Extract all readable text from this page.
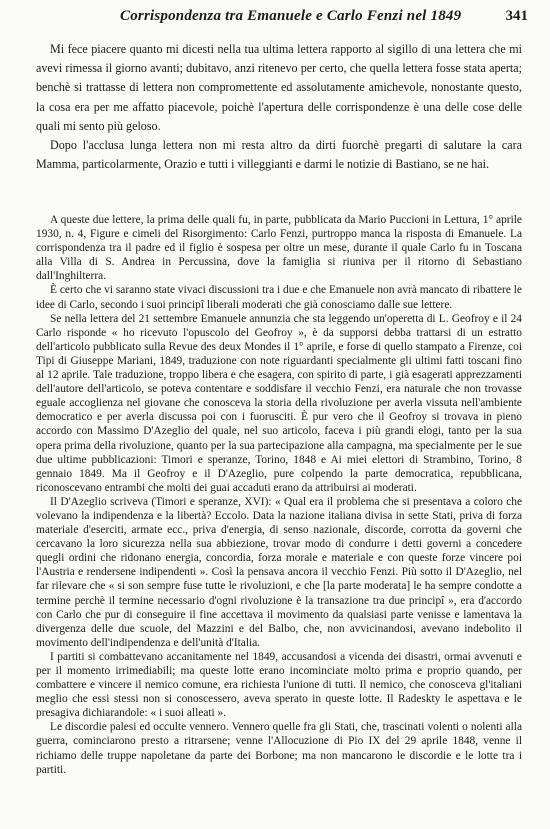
Corrispondenza tra Emanuele e Carlo Fenzi nel 1849	341

Mi fece piacere quanto mi dicesti nella tua ultima lettera rapporto al sigillo di una lettera che mi avevi rimessa il giorno avanti; dubitavo, anzi ritenevo per certo, che quella lettera fosse stata aperta; benchè si trattasse di lettera non compromettente ed assolutamente amichevole, nonostante questo, la cosa era per me affatto piacevole, poichè l'apertura delle corrispondenze è una delle cose delle quali mi sento più geloso.

Dopo l'acclusa lunga lettera non mi resta altro da dirti fuorchè pregarti di salutare la cara Mamma, particolarmente, Orazio e tutti i villeggianti e darmi le notizie di Bastiano, se ne hai.

A queste due lettere, la prima delle quali fu, in parte, pubblicata da Mario Puccioni in Lettura, 1° aprile 1930, n. 4, Figure e cimeli del Risorgimento: Carlo Fenzi, purtroppo manca la risposta di Emanuele. La corrispondenza tra il padre ed il figlio è sospesa per oltre un mese, durante il quale Carlo fu in Toscana alla Villa di S. Andrea in Percussina, dove la famiglia si riuniva per il ritorno di Sebastiano dall'Inghilterra.

È certo che vi saranno state vivaci discussioni tra i due e che Emanuele non avrà mancato di ribattere le idee di Carlo, secondo i suoi principî liberali moderati che già conosciamo dalle sue lettere.

Se nella lettera del 21 settembre Emanuele annunzia che sta leggendo un'operetta di L. Geofroy e il 24 Carlo risponde « ho ricevuto l'opuscolo del Geofroy », è da supporsi debba trattarsi di un estratto dell'articolo pubblicato sulla Revue des deux Mondes il 1° aprile, e forse di quello stampato a Firenze, coi Tipi di Giuseppe Mariani, 1849, traduzione con note riguardanti specialmente gli ultimi fatti toscani fino al 12 aprile. Tale traduzione, troppo libera e che esagera, con spirito di parte, i già esagerati apprezzamenti dell'autore dell'articolo, se poteva contentare e soddisfare il vecchio Fenzi, era naturale che non trovasse eguale accoglienza nel giovane che conosceva la storia della rivoluzione per averla vissuta nell'ambiente democratico e per averla discussa poi con i fuorusciti. È pur vero che il Geofroy si trovava in pieno accordo con Massimo D'Azeglio del quale, nel suo articolo, faceva i più grandi elogi, tanto per la sua opera prima della rivoluzione, quanto per la sua partecipazione alla campagna, ma specialmente per le sue due ultime pubblicazioni: Timori e speranze, Torino, 1848 e Ai miei elettori di Strambino, Torino, 8 gennaio 1849. Ma il Geofroy e il D'Azeglio, pure colpendo la parte democratica, repubblicana, riconoscevano entrambi che molti dei guai accaduti erano da attribuirsi ai moderati.

Il D'Azeglio scriveva (Timori e speranze, XVI): « Qual era il problema che si presentava a coloro che volevano la indipendenza e la libertà? Eccolo. Data la nazione italiana divisa in sette Stati, priva di forza materiale d'eserciti, armate ecc., priva d'energia, di senso nazionale, discorde, corrotta da governi che cercavano la loro sicurezza nella sua abbiezione, trovar modo di condurre i detti governi a concedere quegli ordini che ridonano energia, concordia, forza morale e materiale e con queste forze vincere poi l'Austria e rendersene indipendenti ». Così la pensava ancora il vecchio Fenzi. Più sotto il D'Azeglio, nel far rilevare che « si son sempre fuse tutte le rivoluzioni, e che [la parte moderata] le ha sempre condotte a termine perchè il termine necessario d'ogni rivoluzione è la transazione tra due principî », era d'accordo con Carlo che pur di conseguire il fine accettava il movimento da qualsiasi parte venisse e lamentava la divergenza delle due scuole, del Mazzini e del Balbo, che, non avvicinandosi, avevano indebolito il movimento dell'indipendenza e dell'unità d'Italia.

I partiti si combattevano accanitamente nel 1849, accusandosi a vicenda dei disastri, ormai avvenuti e per il momento irrimediabili; ma queste lotte erano incominciate molto prima e proprio quando, per combattere e vincere il nemico comune, era richiesta l'unione di tutti. Il nemico, che conosceva gl'italiani meglio che essi stessi non si conoscessero, aveva sperato in queste lotte. Il Radeskty le aspettava e le presagiva dichiarandole: « i suoi alleati ».

Le discordie palesi ed occulte vennero. Vennero quelle fra gli Stati, che, trascinati volenti o nolenti alla guerra, cominciarono presto a ritrarsene; venne l'Allocuzione di Pio IX del 29 aprile 1848, venne il richiamo delle truppe napoletane da parte dei Borbone; ma non mancarono le discordie e le lotte tra i partiti.
